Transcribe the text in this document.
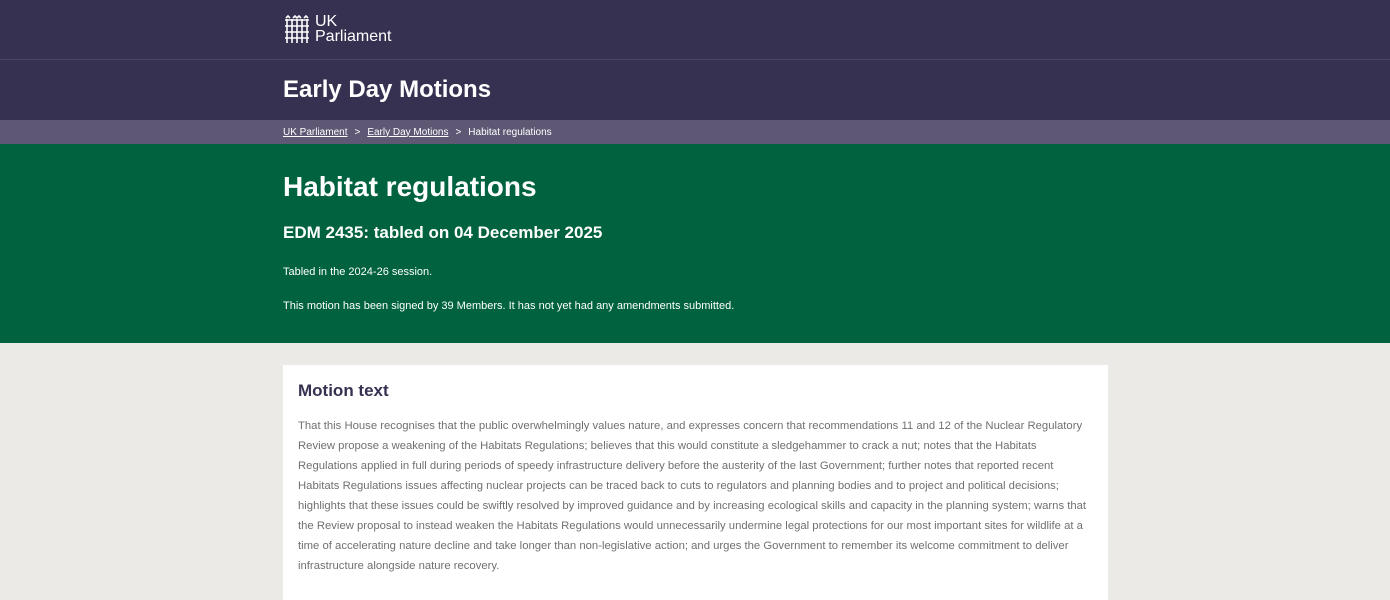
UK
Parliament
Early Day Motions
UK Parliament > Early Day Motions > Habitat regulations
Habitat regulations
EDM 2435: tabled on 04 December 2025

Tabled in the 2024-26 session.

This motion has been signed by 39 Members. It has not yet had any amendments submitted.

Motion text

That this House recognises that the public overwhelmingly values nature, and expresses concern that recommendations 11 and 12 of the Nuclear Regulatory Review propose a weakening of the Habitats Regulations; believes that this would constitute a sledgehammer to crack a nut; notes that the Habitats Regulations applied in full during periods of speedy infrastructure delivery before the austerity of the last Government; further notes that reported recent Habitats Regulations issues affecting nuclear projects can be traced back to cuts to regulators and planning bodies and to project and political decisions; highlights that these issues could be swiftly resolved by improved guidance and by increasing ecological skills and capacity in the planning system; warns that the Review proposal to instead weaken the Habitats Regulations would unnecessarily undermine legal protections for our most important sites for wildlife at a time of accelerating nature decline and take longer than non-legislative action; and urges the Government to remember its welcome commitment to deliver infrastructure alongside nature recovery.
